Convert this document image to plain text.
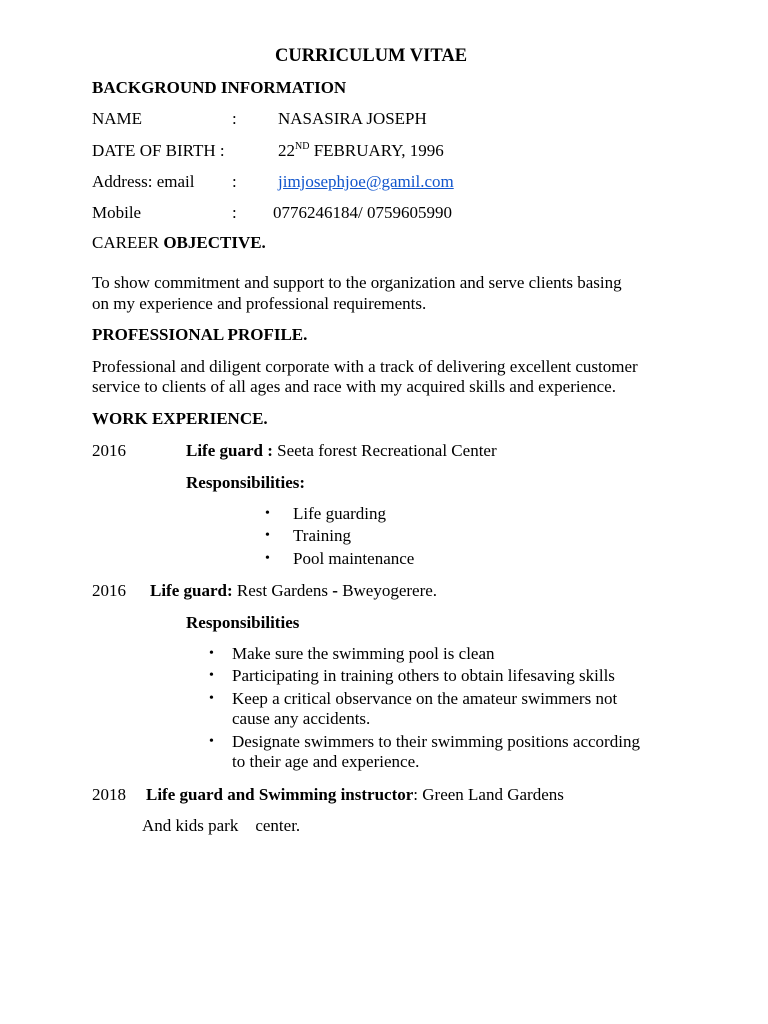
CURRICULUM VITAE
BACKGROUND INFORMATION
NAME	: NASASIRA JOSEPH
DATE OF BIRTH :	22ND FEBRUARY, 1996
Address: email : jimjosephjoe@gamil.com
Mobile	: 0776246184/ 0759605990
CAREER OBJECTIVE.
To show commitment and support to the organization and serve clients basing
on my experience and professional requirements.
PROFESSIONAL PROFILE.
Professional and diligent corporate with a track of delivering excellent customer
service to clients of all ages and race with my acquired skills and experience.
WORK EXPERIENCE.
2016	Life guard : Seeta forest Recreational Center
Responsibilities:
• Life guarding
• Training
• Pool maintenance
2016 Life guard: Rest Gardens - Bweyogerere.
Responsibilities
• Make sure the swimming pool is clean
• Participating in training others to obtain lifesaving skills
• Keep a critical observance on the amateur swimmers not
cause any accidents.
• Designate swimmers to their swimming positions according
to their age and experience.
2018 Life guard and Swimming instructor: Green Land Gardens
And kids park center.
